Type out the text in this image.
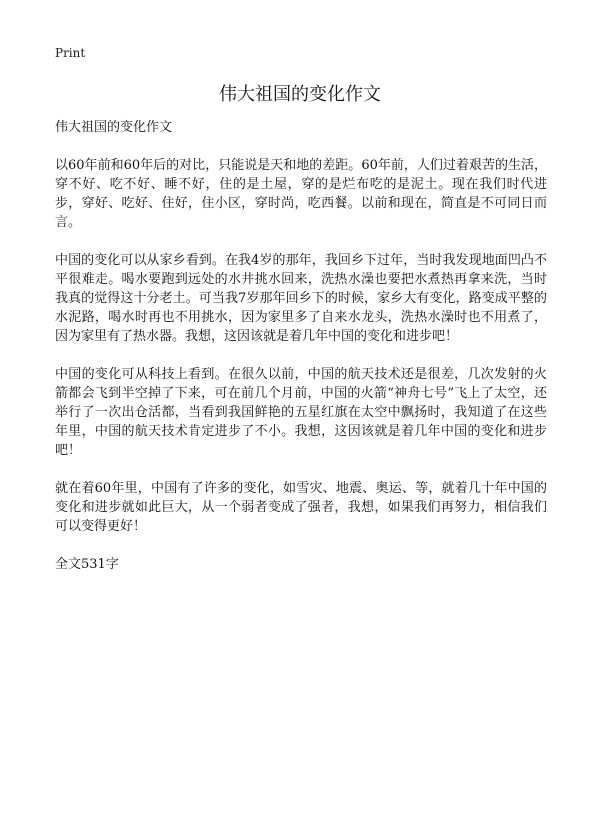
Print
伟大祖国的变化作文

伟大祖国的变化作文

以60年前和60年后的对比，只能说是天和地的差距。60年前，人们过着艰苦的生活，穿不好、吃不好、睡不好，住的是土屋，穿的是烂布吃的是泥土。现在我们时代进步，穿好、吃好、住好，住小区，穿时尚，吃西餐。以前和现在，简直是不可同日而言。

中国的变化可以从家乡看到。在我4岁的那年，我回乡下过年，当时我发现地面凹凸不平很难走。喝水要跑到远处的水井挑水回来，洗热水澡也要把水煮热再拿来洗，当时我真的觉得这十分老土。可当我7岁那年回乡下的时候，家乡大有变化，路变成平整的水泥路，喝水时再也不用挑水，因为家里多了自来水龙头，洗热水澡时也不用煮了，因为家里有了热水器。我想，这因该就是着几年中国的变化和进步吧！

中国的变化可从科技上看到。在很久以前，中国的航天技术还是很差，几次发射的火箭都会飞到半空掉了下来，可在前几个月前，中国的火箭“神舟七号”飞上了太空，还举行了一次出仓活都，当看到我国鲜艳的五星红旗在太空中飘扬时，我知道了在这些年里，中国的航天技术肯定进步了不小。我想，这因该就是着几年中国的变化和进步吧！

就在着60年里，中国有了许多的变化，如雪灾、地震、奥运、等，就着几十年中国的变化和进步就如此巨大，从一个弱者变成了强者，我想，如果我们再努力，相信我们可以变得更好！

全文531字
